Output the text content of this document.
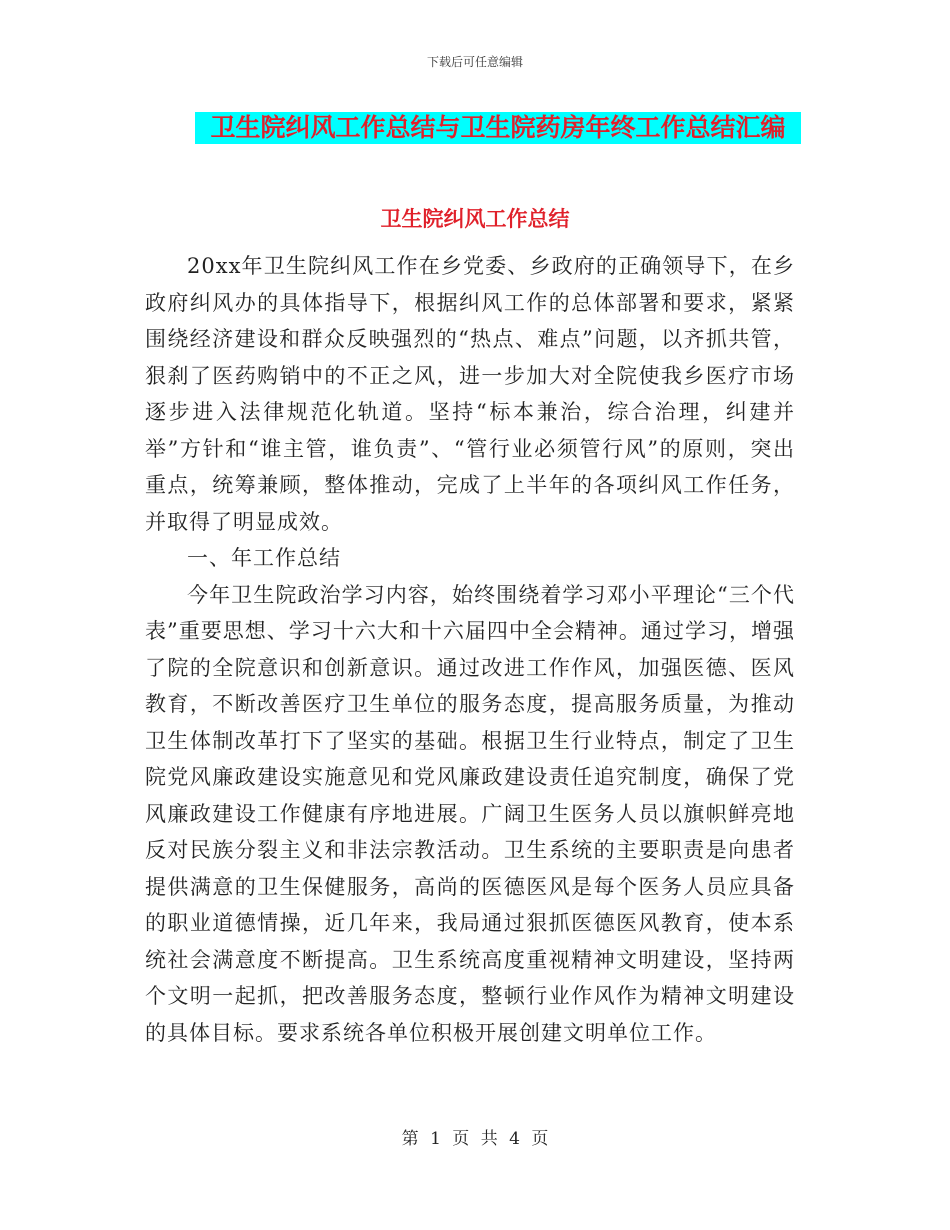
下载后可任意编辑
卫生院纠风工作总结与卫生院药房年终工作总结汇编
卫生院纠风工作总结

20xx年卫生院纠风工作在乡党委、乡政府的正确领导下，在乡政府纠风办的具体指导下，根据纠风工作的总体部署和要求，紧紧围绕经济建设和群众反映强烈的“热点、难点”问题，以齐抓共管，狠刹了医药购销中的不正之风，进一步加大对全院使我乡医疗市场逐步进入法律规范化轨道。坚持“标本兼治，综合治理，纠建并举”方针和“谁主管，谁负责”、“管行业必须管行风”的原则，突出重点，统筹兼顾，整体推动，完成了上半年的各项纠风工作任务，并取得了明显成效。

一、年工作总结

今年卫生院政治学习内容，始终围绕着学习邓小平理论“三个代表”重要思想、学习十六大和十六届四中全会精神。通过学习，增强了院的全院意识和创新意识。通过改进工作作风，加强医德、医风教育，不断改善医疗卫生单位的服务态度，提高服务质量，为推动卫生体制改革打下了坚实的基础。根据卫生行业特点，制定了卫生院党风廉政建设实施意见和党风廉政建设责任追究制度，确保了党风廉政建设工作健康有序地进展。广阔卫生医务人员以旗帜鲜亮地反对民族分裂主义和非法宗教活动。卫生系统的主要职责是向患者提供满意的卫生保健服务，高尚的医德医风是每个医务人员应具备的职业道德情操，近几年来，我局通过狠抓医德医风教育，使本系统社会满意度不断提高。卫生系统高度重视精神文明建设，坚持两个文明一起抓，把改善服务态度，整顿行业作风作为精神文明建设的具体目标。要求系统各单位积极开展创建文明单位工作。

第 1 页 共 4 页
